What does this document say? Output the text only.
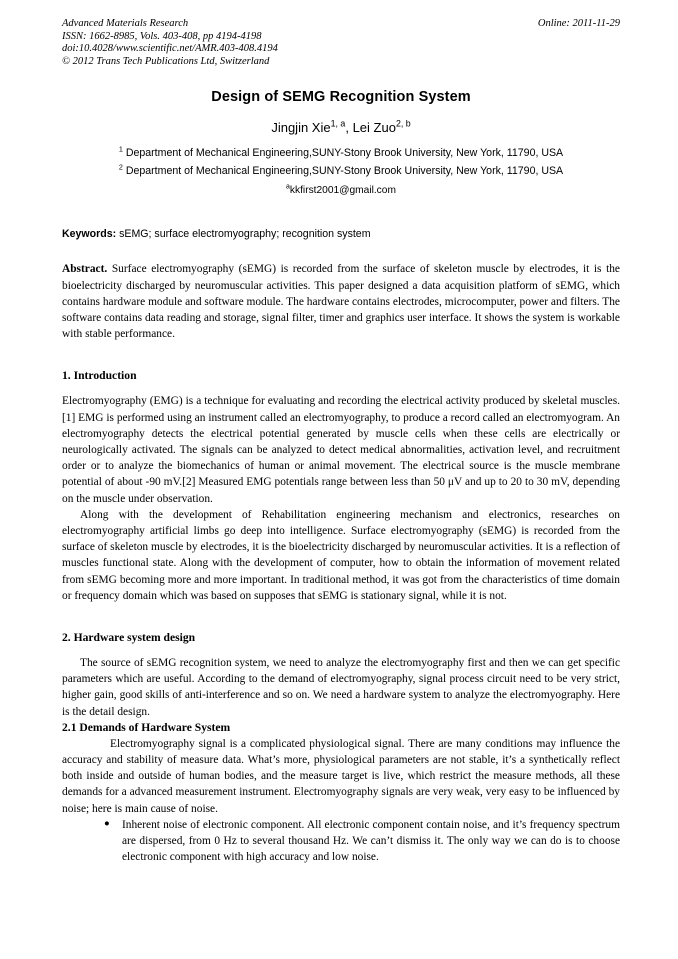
Advanced Materials Research
ISSN: 1662-8985, Vols. 403-408, pp 4194-4198
doi:10.4028/www.scientific.net/AMR.403-408.4194
© 2012 Trans Tech Publications Ltd, Switzerland
Online: 2011-11-29
Design of SEMG Recognition System
Jingjin Xie$^{1, a}$, Lei Zuo$^{2, b}$
$^1$ Department of Mechanical Engineering,SUNY-Stony Brook University, New York, 11790, USA
$^2$ Department of Mechanical Engineering,SUNY-Stony Brook University, New York, 11790, USA
$^a$kkfirst2001@gmail.com
Keywords: sEMG; surface electromyography; recognition system
Abstract. Surface electromyography (sEMG) is recorded from the surface of skeleton muscle by electrodes, it is the bioelectricity discharged by neuromuscular activities. This paper designed a data acquisition platform of sEMG, which contains hardware module and software module. The hardware contains electrodes, microcomputer, power and filters. The software contains data reading and storage, signal filter, timer and graphics user interface. It shows the system is workable with stable performance.
1. Introduction

Electromyography (EMG) is a technique for evaluating and recording the electrical activity produced by skeletal muscles.[1] EMG is performed using an instrument called an electromyography, to produce a record called an electromyogram. An electromyography detects the electrical potential generated by muscle cells when these cells are electrically or neurologically activated. The signals can be analyzed to detect medical abnormalities, activation level, and recruitment order or to analyze the biomechanics of human or animal movement. The electrical source is the muscle membrane potential of about -90 mV.[2] Measured EMG potentials range between less than 50 μV and up to 20 to 30 mV, depending on the muscle under observation.

Along with the development of Rehabilitation engineering mechanism and electronics, researches on electromyography artificial limbs go deep into intelligence. Surface electromyography (sEMG) is recorded from the surface of skeleton muscle by electrodes, it is the bioelectricity discharged by neuromuscular activities. It is a reflection of muscles functional state. Along with the development of computer, how to obtain the information of movement related from sEMG becoming more and more important. In traditional method, it was got from the characteristics of time domain or frequency domain which was based on supposes that sEMG is stationary signal, while it is not.

2. Hardware system design

The source of sEMG recognition system, we need to analyze the electromyography first and then we can get specific parameters which are useful. According to the demand of electromyography, signal process circuit need to be very strict, higher gain, good skills of anti-interference and so on. We need a hardware system to analyze the electromyography. Here is the detail design.

2.1 Demands of Hardware System

Electromyography signal is a complicated physiological signal. There are many conditions may influence the accuracy and stability of measure data. What’s more, physiological parameters are not stable, it’s a synthetically reflect both inside and outside of human bodies, and the measure target is live, which restrict the measure methods, all these demands for a advanced measurement instrument. Electromyography signals are very weak, very easy to be influenced by noise; here is main cause of noise.

● Inherent noise of electronic component. All electronic component contain noise, and it’s frequency spectrum are dispersed, from 0 Hz to several thousand Hz. We can’t dismiss it. The only way we can do is to choose electronic component with high accuracy and low noise.
